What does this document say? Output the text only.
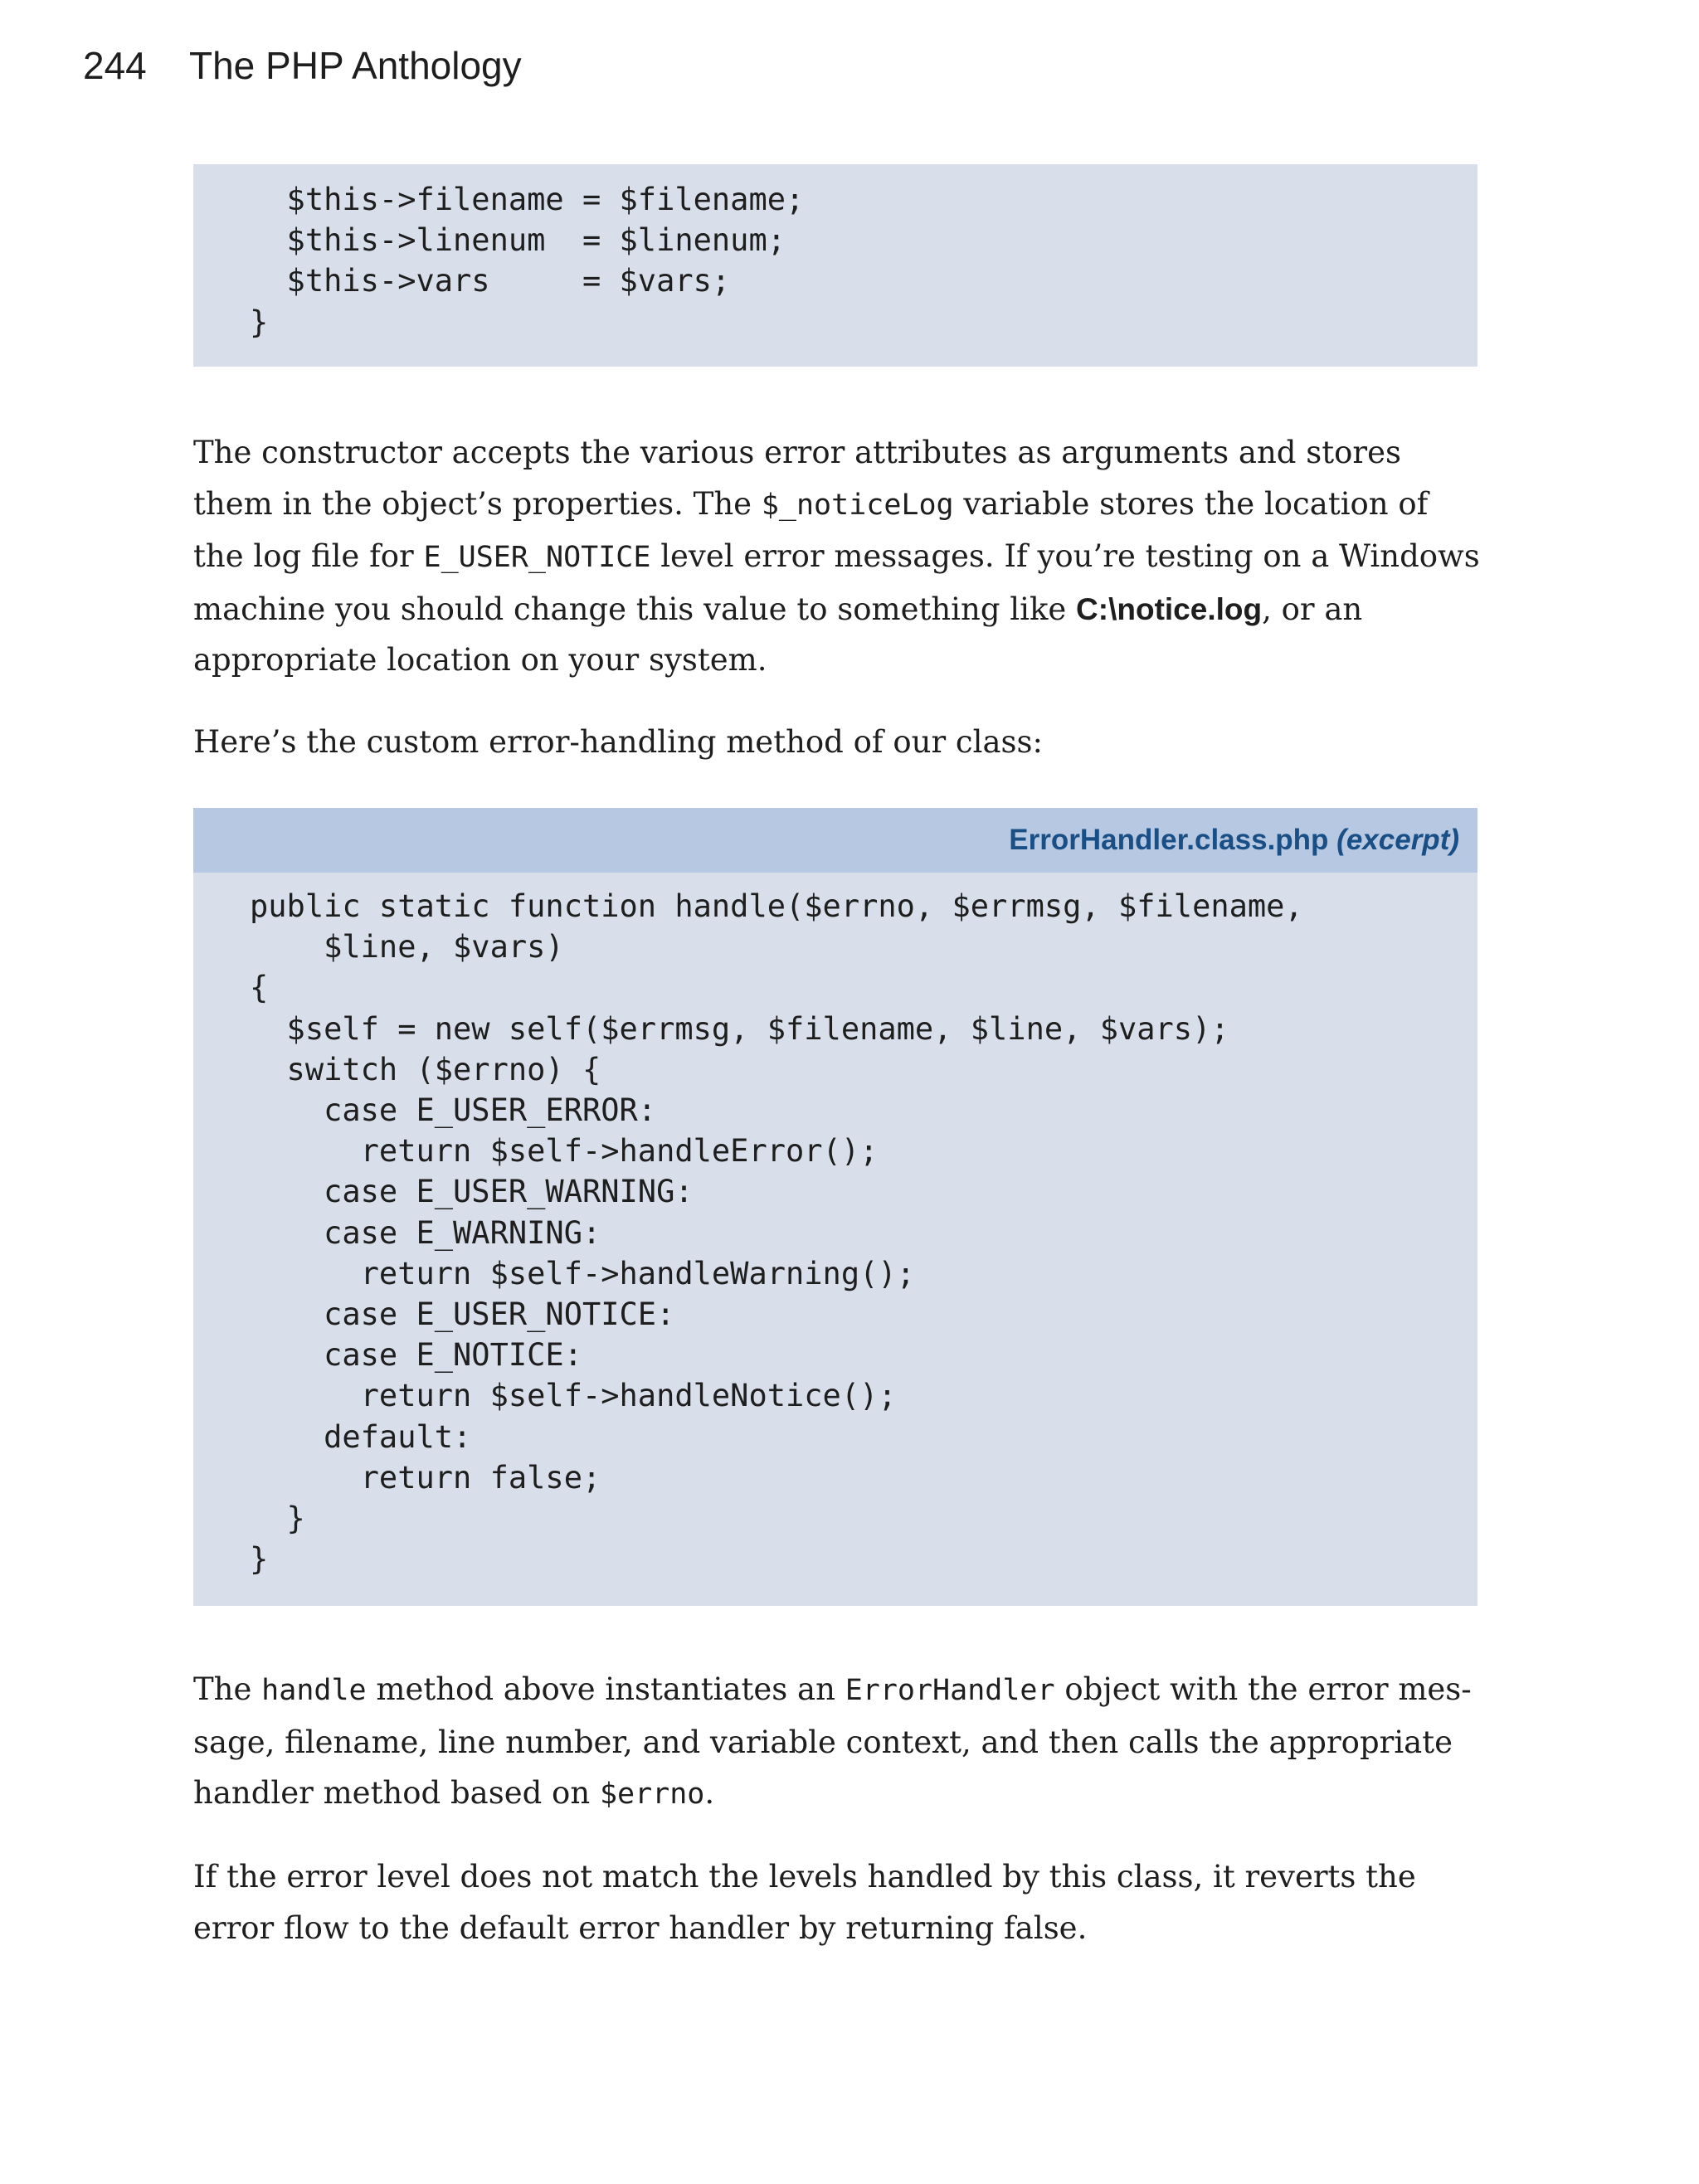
244 The PHP Anthology
$this->filename = $filename;
$this->linenum  = $linenum;
$this->vars     = $vars;
}

The constructor accepts the various error attributes as arguments and stores them in the object’s properties. The $_noticeLog variable stores the location of the log file for E_USER_NOTICE level error messages. If you’re testing on a Windows machine you should change this value to something like C:\notice.log, or an appropriate location on your system.

Here’s the custom error-handling method of our class:

ErrorHandler.class.php (excerpt)
public static function handle($errno, $errmsg, $filename,
$line, $vars)
{
$self = new self($errmsg, $filename, $line, $vars);
switch ($errno) {
case E_USER_ERROR:
return $self->handleError();
case E_USER_WARNING:
case E_WARNING:
return $self->handleWarning();
case E_USER_NOTICE:
case E_NOTICE:
return $self->handleNotice();
default:
return false;
}
}

The handle method above instantiates an ErrorHandler object with the error mes-sage, filename, line number, and variable context, and then calls the appropriate handler method based on $errno.

If the error level does not match the levels handled by this class, it reverts the error flow to the default error handler by returning false.
